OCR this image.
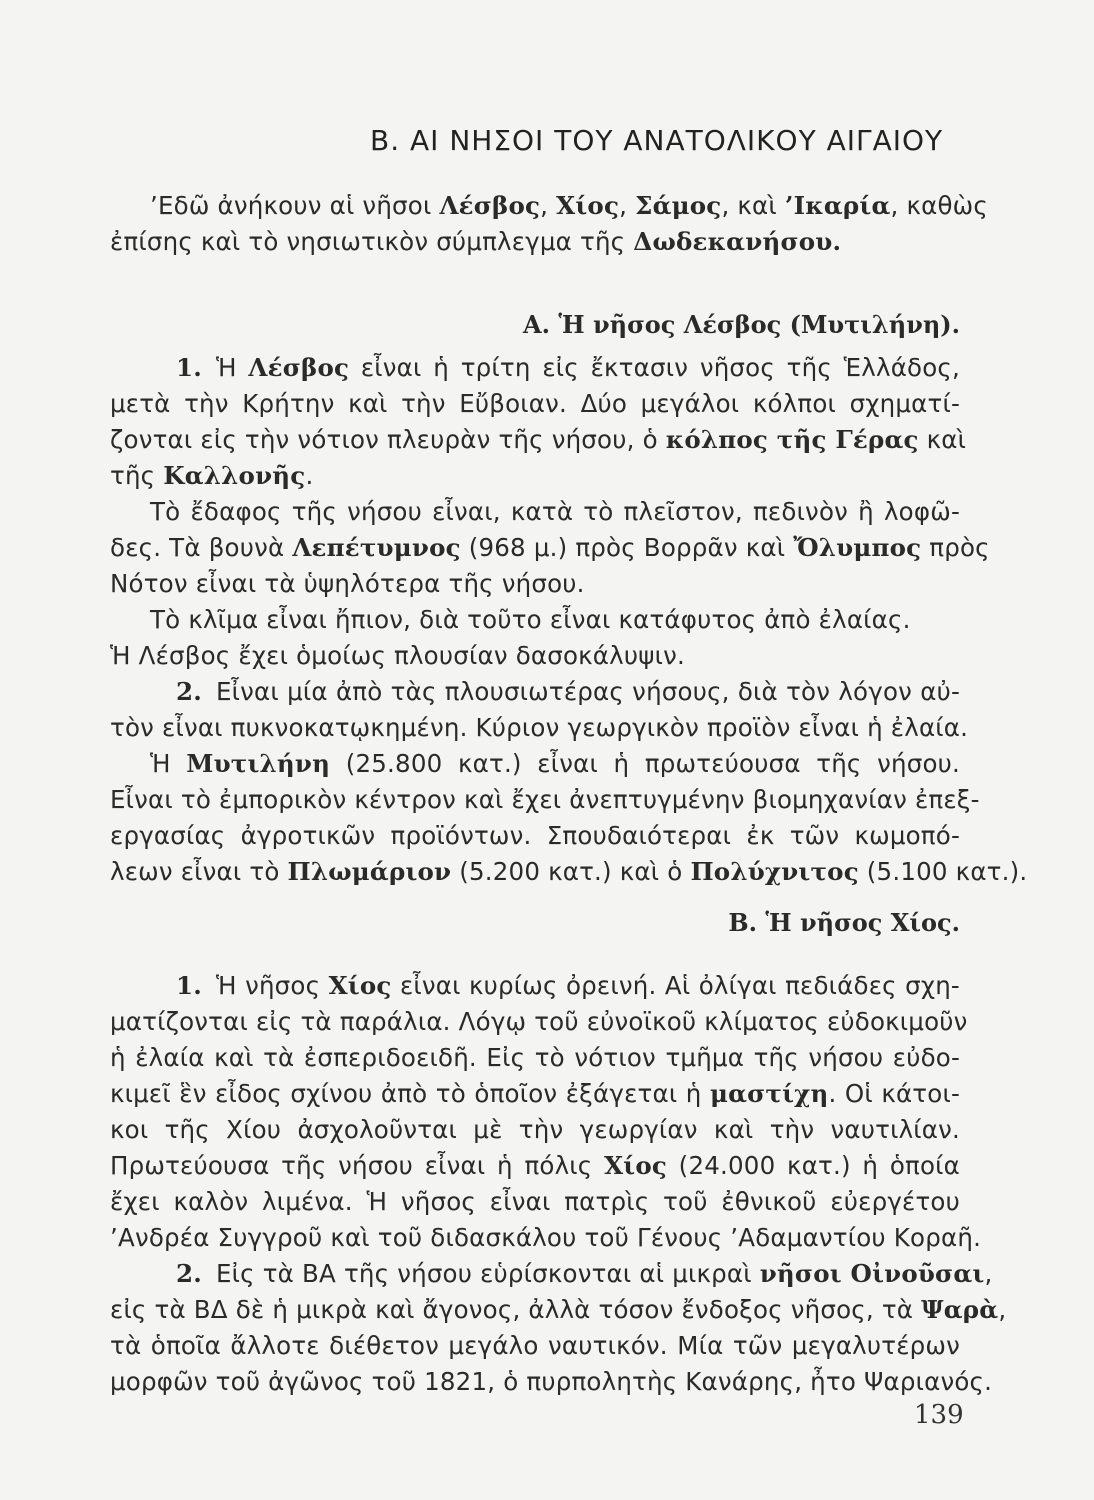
Β. ΑΙ ΝΗΣΟΙ ΤΟΥ ΑΝΑΤΟΛΙΚΟΥ ΑΙΓΑΙΟΥ
’Εδῶ ἀνήκουν αἱ νῆσοι Λέσβος, Χίος, Σάμος, καὶ ’Ικαρία, καθὼς
ἐπίσης καὶ τὸ νησιωτικὸν σύμπλεγμα τῆς Δωδεκανήσου.
Α. Ἡ νῆσος Λέσβος (Μυτιλήνη).
1. Ἡ Λέσβος εἶναι ἡ τρίτη εἰς ἔκτασιν νῆσος τῆς Ἑλλάδος,
μετὰ τὴν Κρήτην καὶ τὴν Εὔβοιαν. Δύο μεγάλοι κόλποι σχηματί-
ζονται εἰς τὴν νότιον πλευρὰν τῆς νήσου, ὁ κόλπος τῆς Γέρας καὶ
τῆς Καλλονῆς.
Τὸ ἔδαφος τῆς νήσου εἶναι, κατὰ τὸ πλεῖστον, πεδινὸν ἢ λοφῶ-
δες. Τὰ βουνὰ Λεπέτυμνος (968 μ.) πρὸς Βορρᾶν καὶ Ὄλυμπος πρὸς
Νότον εἶναι τὰ ὑψηλότερα τῆς νήσου.
Τὸ κλῖμα εἶναι ἤπιον, διὰ τοῦτο εἶναι κατάφυτος ἀπὸ ἐλαίας.
Ἡ Λέσβος ἔχει ὁμοίως πλουσίαν δασοκάλυψιν.
2. Εἶναι μία ἀπὸ τὰς πλουσιωτέρας νήσους, διὰ τὸν λόγον αὐ-
τὸν εἶναι πυκνοκατῳκημένη. Κύριον γεωργικὸν προϊὸν εἶναι ἡ ἐλαία.
Ἡ Μυτιλήνη (25.800 κατ.) εἶναι ἡ πρωτεύουσα τῆς νήσου.
Εἶναι τὸ ἐμπορικὸν κέντρον καὶ ἔχει ἀνεπτυγμένην βιομηχανίαν ἐπεξ-
εργασίας ἀγροτικῶν προϊόντων. Σπουδαιότεραι ἐκ τῶν κωμοπό-
λεων εἶναι τὸ Πλωμάριον (5.200 κατ.) καὶ ὁ Πολύχνιτος (5.100 κατ.).
Β. Ἡ νῆσος Χίος.
1. Ἡ νῆσος Χίος εἶναι κυρίως ὀρεινή. Αἱ ὀλίγαι πεδιάδες σχη-
ματίζονται εἰς τὰ παράλια. Λόγῳ τοῦ εὐνοϊκοῦ κλίματος εὐδοκιμοῦν
ἡ ἐλαία καὶ τὰ ἐσπεριδοειδῆ. Εἰς τὸ νότιον τμῆμα τῆς νήσου εὐδο-
κιμεῖ ἓν εἶδος σχίνου ἀπὸ τὸ ὁποῖον ἐξάγεται ἡ μαστίχη. Οἱ κάτοι-
κοι τῆς Χίου ἀσχολοῦνται μὲ τὴν γεωργίαν καὶ τὴν ναυτιλίαν.
Πρωτεύουσα τῆς νήσου εἶναι ἡ πόλις Χίος (24.000 κατ.) ἡ ὁποία
ἔχει καλὸν λιμένα. Ἡ νῆσος εἶναι πατρὶς τοῦ ἐθνικοῦ εὐεργέτου
’Ανδρέα Συγγροῦ καὶ τοῦ διδασκάλου τοῦ Γένους ’Αδαμαντίου Κοραῆ.
2. Εἰς τὰ ΒΑ τῆς νήσου εὑρίσκονται αἱ μικραὶ νῆσοι Οἰνοῦσαι,
εἰς τὰ ΒΔ δὲ ἡ μικρὰ καὶ ἄγονος, ἀλλὰ τόσον ἔνδοξος νῆσος, τὰ Ψαρὰ,
τὰ ὁποῖα ἄλλοτε διέθετον μεγάλο ναυτικόν. Μία τῶν μεγαλυτέρων
μορφῶν τοῦ ἀγῶνος τοῦ 1821, ὁ πυρπολητὴς Κανάρης, ἦτο Ψαριανός.
139
